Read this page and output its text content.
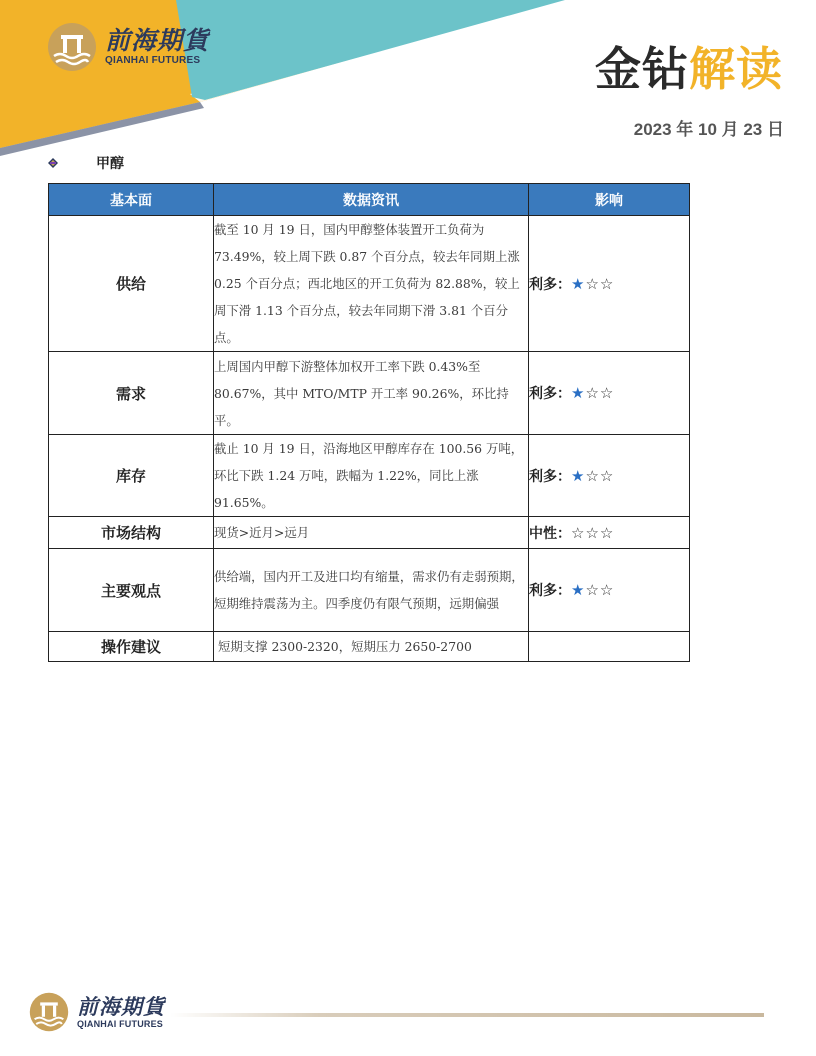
前海期貨
QIANHAI FUTURES	金钻解读
2023 年 10 月 23 日
甲醇
基本面	数据资讯	影响
供给	截至 10 月 19 日，国内甲醇整体装置开工负荷为 73.49%，较上周下跌 0.87 个百分点，较去年同期上涨 0.25 个百分点；西北地区的开工负荷为 82.88%，较上周下滑 1.13 个百分点，较去年同期下滑 3.81 个百分点。	利多：★☆☆
需求	上周国内甲醇下游整体加权开工率下跌 0.43%至 80.67%，其中 MTO/MTP 开工率 90.26%，环比持平。	利多：★☆☆
库存	截止 10 月 19 日，沿海地区甲醇库存在 100.56 万吨，环比下跌 1.24 万吨，跌幅为 1.22%，同比上涨 91.65%。	利多：★☆☆
市场结构	现货>近月>远月	中性：☆☆☆
主要观点	供给端，国内开工及进口均有缩量，需求仍有走弱预期，短期维持震荡为主。四季度仍有限气预期，远期偏强	利多：★☆☆
操作建议	短期支撑 2300-2320，短期压力 2650-2700	
前海期貨
QIANHAI FUTURES
